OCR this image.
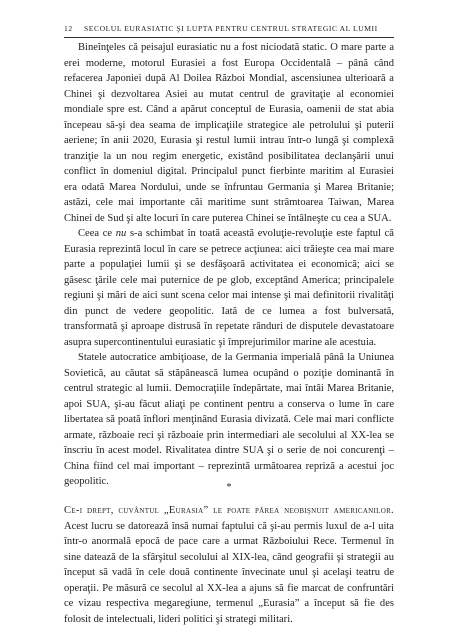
12 SECOLUL EURASIATIC ŞI LUPTA PENTRU CENTRUL STRATEGIC AL LUMII

Bineînţeles că peisajul eurasiatic nu a fost niciodată static. O mare parte a erei moderne, motorul Eurasiei a fost Europa Occidentală – până când refacerea Japoniei după Al Doilea Război Mondial, ascensiunea ulterioară a Chinei şi dezvoltarea Asiei au mutat centrul de gravitaţie al economiei mondiale spre est. Când a apărut conceptul de Eurasia, oamenii de stat abia începeau să-şi dea seama de implicaţiile strategice ale petrolului şi puterii aeriene; în anii 2020, Eurasia şi restul lumii intrau într-o lungă şi complexă tranziţie la un nou regim energetic, existând posibilitatea declanşării unui conflict în domeniul digital. Principalul punct fierbinte maritim al Eurasiei era odată Marea Nordului, unde se înfruntau Germania şi Marea Britanie; astăzi, cele mai importante căi maritime sunt strâmtoarea Taiwan, Marea Chinei de Sud şi alte locuri în care puterea Chinei se întâlneşte cu cea a SUA.

Ceea ce nu s-a schimbat în toată această evoluţie-revoluţie este faptul că Eurasia reprezintă locul în care se petrece acţiunea: aici trăieşte cea mai mare parte a populaţiei lumii şi se desfăşoară activitatea ei economică; aici se găsesc ţările cele mai puternice de pe glob, exceptând America; principalele regiuni şi mări de aici sunt scena celor mai intense şi mai definitorii rivalităţi din punct de vedere geopolitic. Iată de ce lumea a fost bulversată, transformată şi aproape distrusă în repetate rânduri de disputele devastatoare asupra supercontinentului eurasiatic şi împrejurimilor marine ale acestuia.

Statele autocratice ambiţioase, de la Germania imperială până la Uniunea Sovietică, au căutat să stăpânească lumea ocupând o poziţie dominantă în centrul strategic al lumii. Democraţiile îndepărtate, mai întâi Marea Britanie, apoi SUA, şi-au făcut aliaţi pe continent pentru a conserva o lume în care libertatea să poată înflori menţinând Eurasia divizată. Cele mai mari conflicte armate, războaie reci şi războaie prin intermediari ale secolului al XX-lea se înscriu în acest model. Rivalitatea dintre SUA şi o serie de noi concurenţi – China fiind cel mai important – reprezintă următoarea repriză a acestui joc geopolitic.

*

Ce-i drept, cuvântul „Eurasia” le poate părea neobişnuit americanilor. Acest lucru se datorează însă numai faptului că şi-au permis luxul de a-l uita într-o anormală epocă de pace care a urmat Războiului Rece. Termenul în sine datează de la sfârşitul secolului al XIX-lea, când geografii şi strategii au început să vadă în cele două continente învecinate unul şi acelaşi teatru de operaţii. Pe măsură ce secolul al XX-lea a ajuns să fie marcat de confruntări ce vizau respectiva megaregiune, termenul „Eurasia” a început să fie des folosit de intelectuali, lideri politici şi strategi militari.
